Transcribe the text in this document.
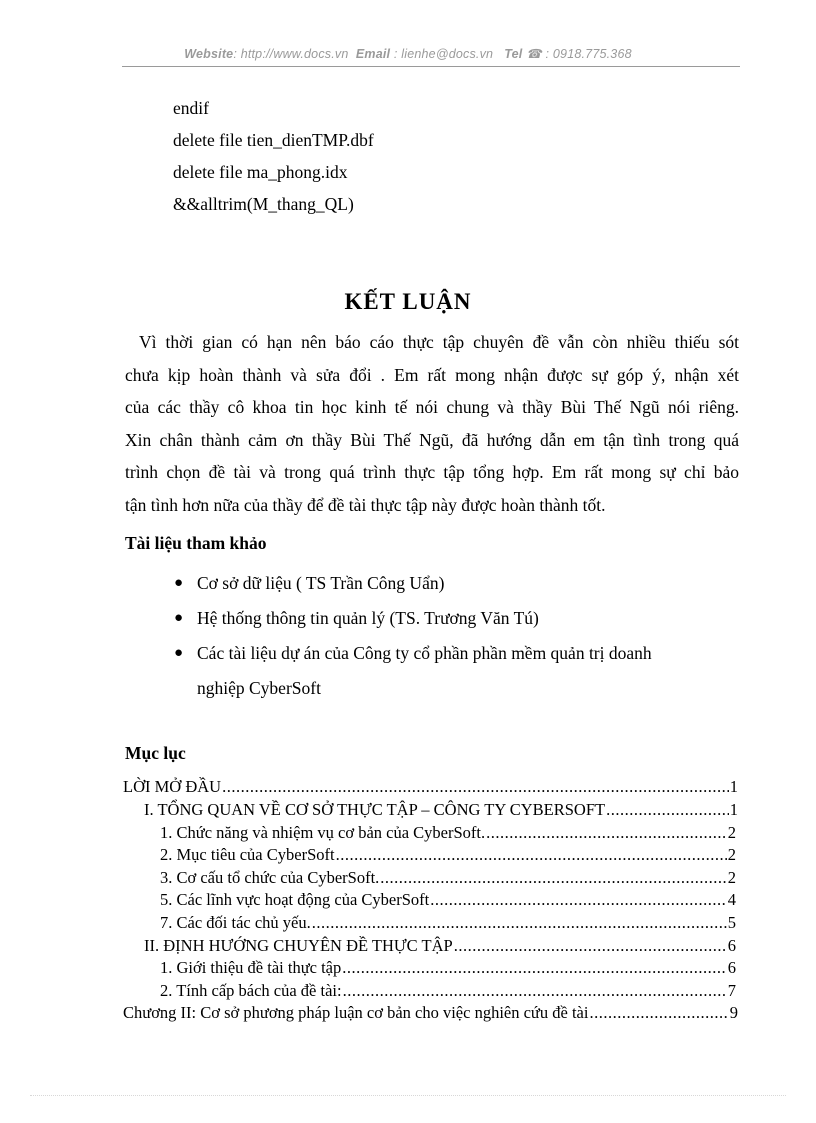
Website: http://www.docs.vn Email : lienhe@docs.vn Tel ☎ : 0918.775.368
endif
delete file tien_dienTMP.dbf
delete file ma_phong.idx
&&alltrim(M_thang_QL)
KẾT LUẬN
Vì thời gian có hạn nên báo cáo thực tập chuyên đề vẫn còn nhiều thiếu sót
chưa kịp hoàn thành và sửa đổi . Em rất mong nhận được sự góp ý, nhận xét
của các thầy cô khoa tin học kinh tế nói chung và thầy Bùi Thế Ngũ nói riêng.
Xin chân thành cảm ơn thầy Bùi Thế Ngũ, đã hướng dẫn em tận tình trong quá
trình chọn đề tài và trong quá trình thực tập tổng hợp. Em rất mong sự chỉ bảo
tận tình hơn nữa của thầy để đề tài thực tập này được hoàn thành tốt.
Tài liệu tham khảo
● Cơ sở dữ liệu ( TS Trần Công Uẩn)
● Hệ thống thông tin quản lý (TS. Trương Văn Tú)
● Các tài liệu dự án của Công ty cổ phần phần mềm quản trị doanh
nghiệp CyberSoft
Mục lục
LỜI MỞ ĐẦU .....	1
I. TỔNG QUAN VỀ CƠ SỞ THỰC TẬP – CÔNG TY CYBERSOFT .....	1
1. Chức năng và nhiệm vụ cơ bản của CyberSoft. .....	2
2. Mục tiêu của CyberSoft .....	2
3. Cơ cấu tổ chức của CyberSoft. .....	2
5. Các lĩnh vực hoạt động của CyberSoft .....	4
7. Các đối tác chủ yếu. .....	5
II. ĐỊNH HƯỚNG CHUYÊN ĐỀ THỰC TẬP .....	6
1. Giới thiệu đề tài thực tập .....	6
2. Tính cấp bách của đề tài: .....	7
Chương II: Cơ sở phương pháp luận cơ bản cho việc nghiên cứu đề tài .....	9
